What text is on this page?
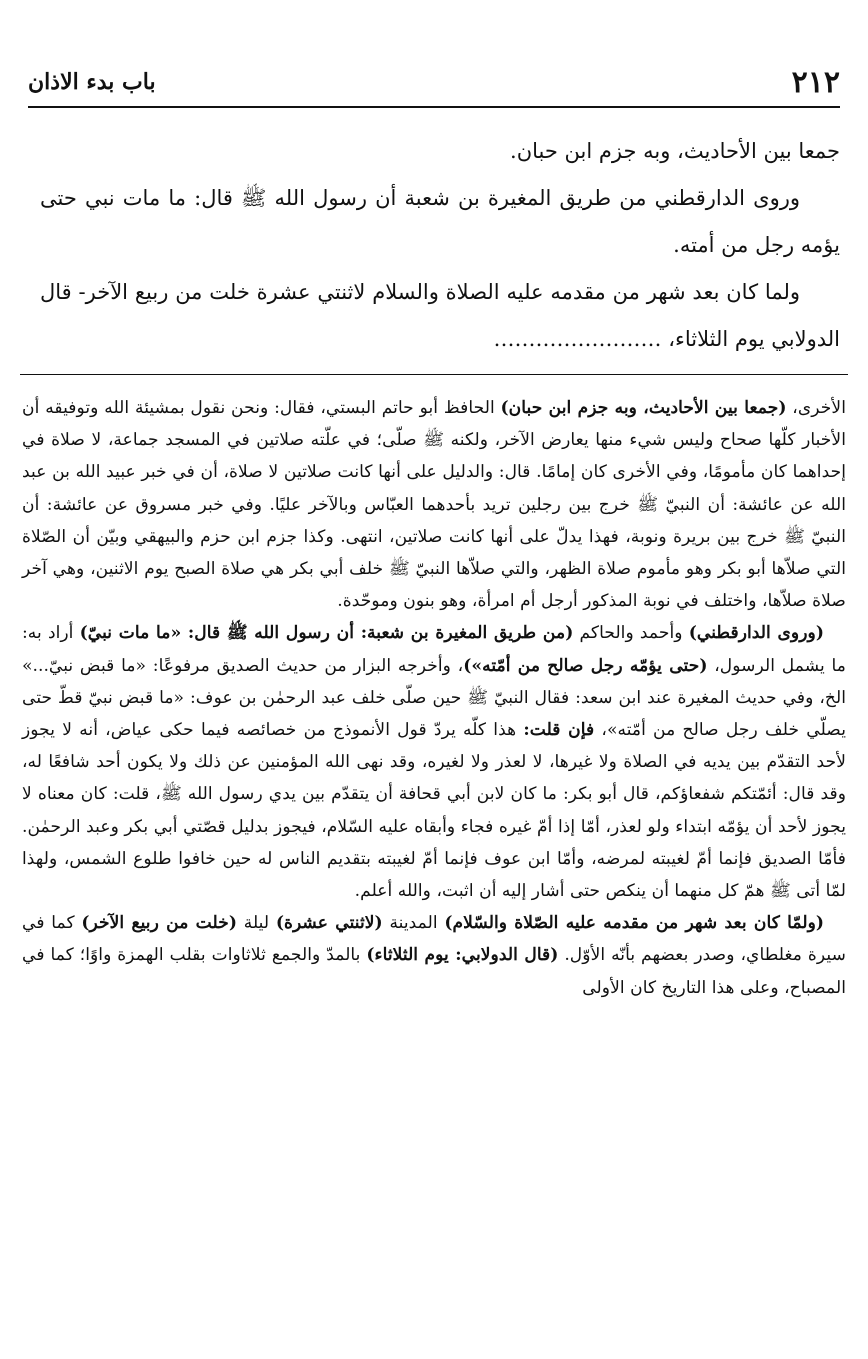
٢١٢
باب بدء الاذان

جمعا بين الأحاديث، وبه جزم ابن حبان.

وروى الدارقطني من طريق المغيرة بن شعبة أن رسول الله ﷺ قال: ما مات نبي حتى يؤمه رجل من أمته.

ولما كان بعد شهر من مقدمه عليه الصلاة والسلام لاثنتي عشرة خلت من ربيع الآخر- قال الدولابي يوم الثلاثاء، ……………………

الأخرى، (جمعا بين الأحاديث، وبه جزم ابن حبان) الحافظ أبو حاتم البستي، فقال: ونحن نقول بمشيئة الله وتوفيقه أن الأخبار كلّها صحاح وليس شيء منها يعارض الآخر، ولكنه ﷺ صلّى؛ في علّته صلاتين في المسجد جماعة، لا صلاة في إحداهما كان مأمومًا، وفي الأخرى كان إمامًا. قال: والدليل على أنها كانت صلاتين لا صلاة، أن في خبر عبيد الله بن عبد الله عن عائشة: أن النبيّ ﷺ خرج بين رجلين تريد بأحدهما العبّاس وبالآخر عليًا. وفي خبر مسروق عن عائشة: أن النبيّ ﷺ خرج بين بريرة ونوبة، فهذا يدلّ على أنها كانت صلاتين، انتهى. وكذا جزم ابن حزم والبيهقي وبيّن أن الصّلاة التي صلاّها أبو بكر وهو مأموم صلاة الظهر، والتي صلاّها النبيّ ﷺ خلف أبي بكر هي صلاة الصبح يوم الاثنين، وهي آخر صلاة صلاّها، واختلف في نوبة المذكور أرجل أم امرأة، وهو بنون وموحّدة.

(وروى الدارقطني) وأحمد والحاكم (من طريق المغيرة بن شعبة: أن رسول الله ﷺ قال: «ما مات نبيّ) أراد به: ما يشمل الرسول، (حتى يؤمّه رجل صالح من أمّته»)، وأخرجه البزار من حديث الصديق مرفوعًا: «ما قبض نبيّ...» الخ، وفي حديث المغيرة عند ابن سعد: فقال النبيّ ﷺ حين صلّى خلف عبد الرحمٰن بن عوف: «ما قبض نبيّ قطّ حتى يصلّي خلف رجل صالح من أمّته»، فإن قلت: هذا كلّه يردّ قول الأنموذج من خصائصه فيما حكى عياض، أنه لا يجوز لأحد التقدّم بين يديه في الصلاة ولا غيرها، لا لعذر ولا لغيره، وقد نهى الله المؤمنين عن ذلك ولا يكون أحد شافعًا له، وقد قال: أئمّتكم شفعاؤكم، قال أبو بكر: ما كان لابن أبي قحافة أن يتقدّم بين يدي رسول الله ﷺ، قلت: كان معناه لا يجوز لأحد أن يؤمّه ابتداء ولو لعذر، أمّا إذا أمّ غيره فجاء وأبقاه عليه السّلام، فيجوز بدليل قصّتي أبي بكر وعبد الرحمٰن. فأمّا الصديق فإنما أمّ لغيبته لمرضه، وأمّا ابن عوف فإنما أمّ لغيبته بتقديم الناس له حين خافوا طلوع الشمس، ولهذا لمّا أتى ﷺ همّ كل منهما أن ينكص حتى أشار إليه أن اثبت، والله أعلم.

(ولمّا كان بعد شهر من مقدمه عليه الصّلاة والسّلام) المدينة (لاثنتي عشرة) ليلة (خلت من ربيع الآخر) كما في سيرة مغلطاي، وصدر بعضهم بأنّه الأوّل. (قال الدولابي: يوم الثلاثاء) بالمدّ والجمع ثلاثاوات بقلب الهمزة واوًا؛ كما في المصباح، وعلى هذا التاريخ كان الأولى
